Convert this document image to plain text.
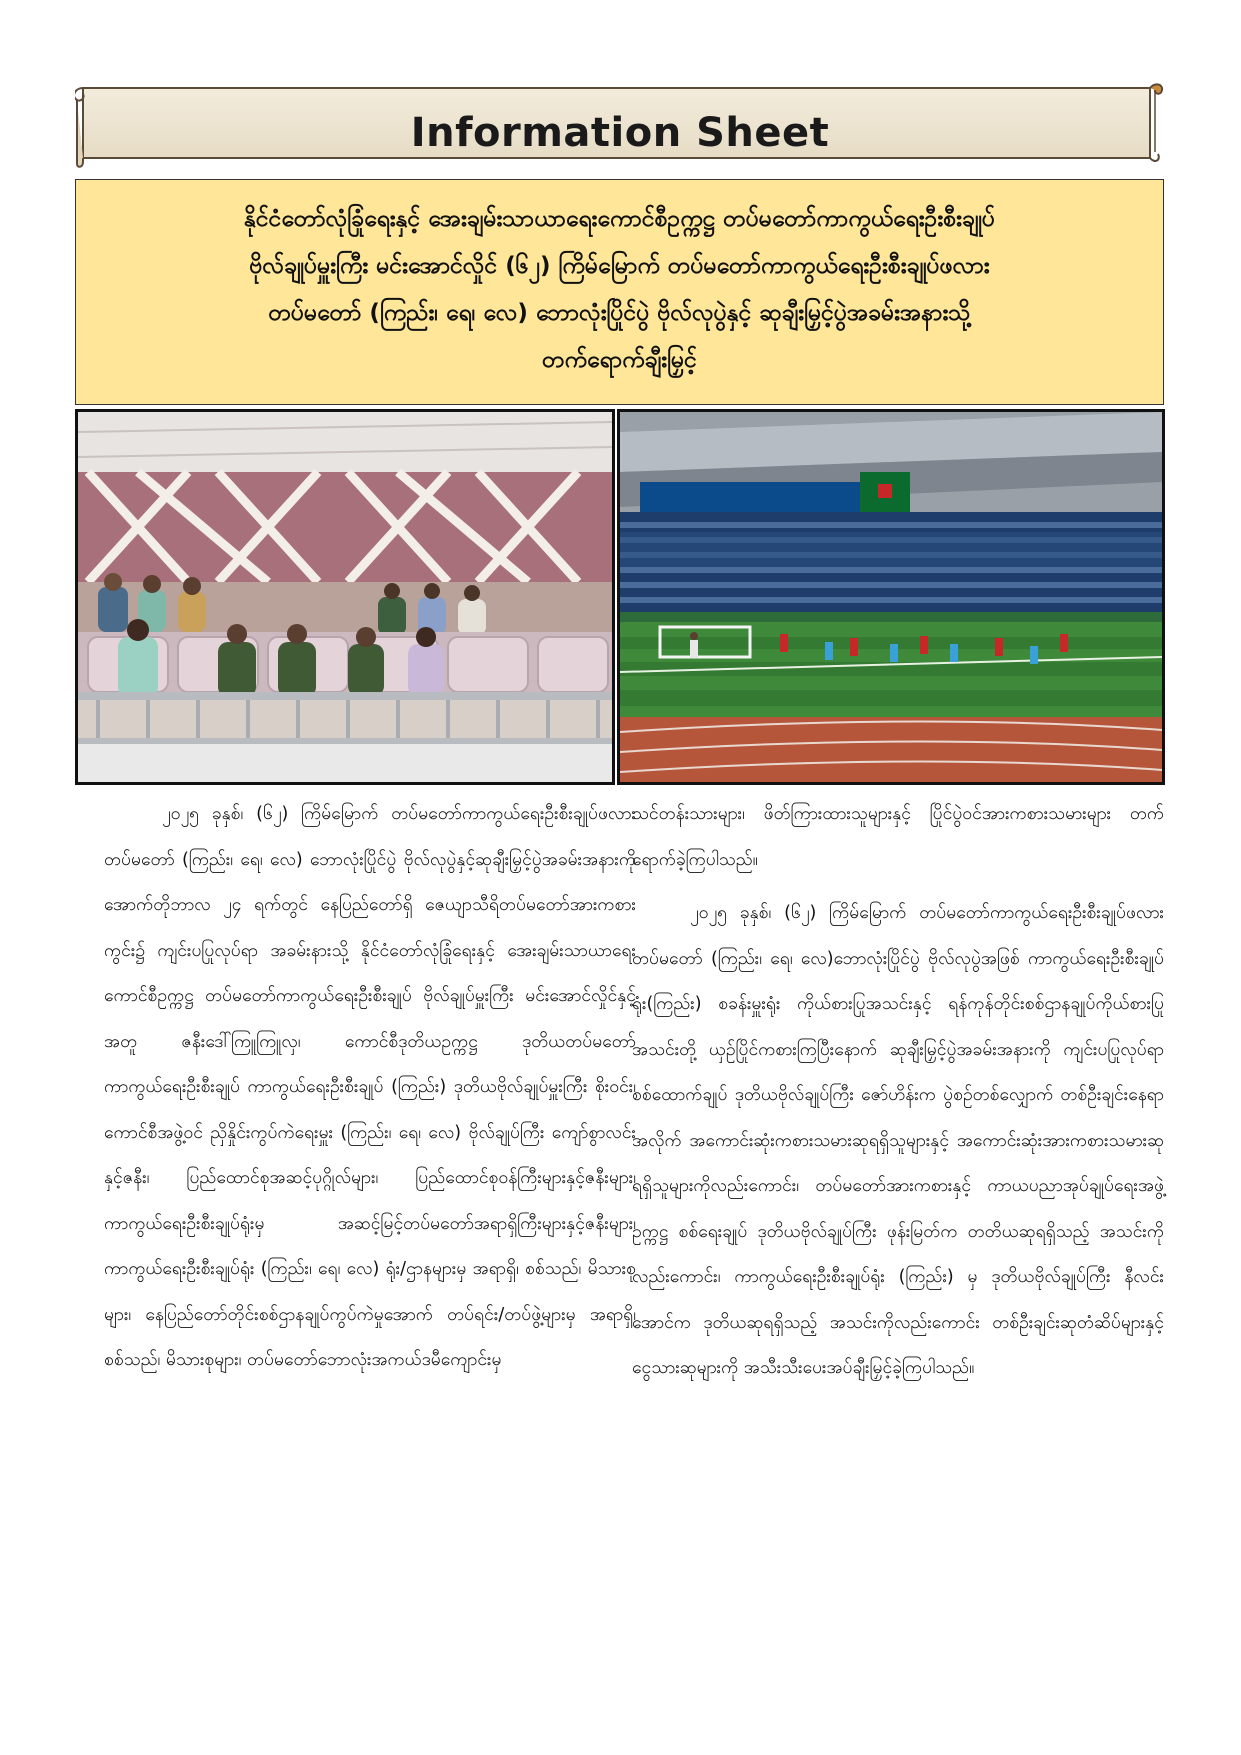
Information Sheet

နိုင်ငံတော်လုံခြုံရေးနှင့် အေးချမ်းသာယာရေးကောင်စီဥက္ကဋ္ဌ တပ်မတော်ကာကွယ်ရေးဦးစီးချုပ်

ဗိုလ်ချုပ်မှူးကြီး မင်းအောင်လှိုင် (၆၂) ကြိမ်မြောက် တပ်မတော်ကာကွယ်ရေးဦးစီးချုပ်ဖလား

တပ်မတော် (ကြည်း၊ ရေ၊ လေ) ဘောလုံးပြိုင်ပွဲ ဗိုလ်လုပွဲနှင့် ဆုချီးမြှင့်ပွဲအခမ်းအနားသို့

တက်ရောက်ချီးမြှင့်

၂၀၂၅ ခုနှစ်၊ (၆၂) ကြိမ်မြောက် တပ်မတော်ကာကွယ်ရေးဦးစီးချုပ်ဖလား တပ်မတော် (ကြည်း၊ ရေ၊ လေ) ဘောလုံးပြိုင်ပွဲ ဗိုလ်လုပွဲနှင့်ဆုချီးမြှင့်ပွဲအခမ်းအနားကို အောက်တိုဘာလ ၂၄ ရက်တွင် နေပြည်တော်ရှိ ဇေယျာသီရိတပ်မတော်အားကစားကွင်း၌ ကျင်းပပြုလုပ်ရာ အခမ်းနားသို့ နိုင်ငံတော်လုံခြုံရေးနှင့် အေးချမ်းသာယာရေးကောင်စီဥက္ကဋ္ဌ တပ်မတော်ကာကွယ်ရေးဦးစီးချုပ် ဗိုလ်ချုပ်မှူးကြီး မင်းအောင်လှိုင်နှင့် အတူ ဇနီးဒေါ်ကြူကြူလှ၊ ကောင်စီဒုတိယဥက္ကဋ္ဌ ဒုတိယတပ်မတော်ကာကွယ်ရေးဦးစီးချုပ် ကာကွယ်ရေးဦးစီးချုပ် (ကြည်း) ဒုတိယဗိုလ်ချုပ်မှူးကြီး စိုးဝင်း၊ ကောင်စီအဖွဲ့ဝင် ညှိနှိုင်းကွပ်ကဲရေးမှူး (ကြည်း၊ ရေ၊ လေ) ဗိုလ်ချုပ်ကြီး ကျော်စွာလင်းနှင့်ဇနီး၊ ပြည်ထောင်စုအဆင့်ပုဂ္ဂိုလ်များ၊ ပြည်ထောင်စုဝန်ကြီးများနှင့်ဇနီးများ၊ ကာကွယ်ရေးဦးစီးချုပ်ရုံးမှ အဆင့်မြင့်တပ်မတော်အရာရှိကြီးများနှင့်ဇနီးများ၊ ကာကွယ်ရေးဦးစီးချုပ်ရုံး (ကြည်း၊ ရေ၊ လေ) ရုံး/ဌာနများမှ အရာရှိ၊ စစ်သည်၊ မိသားစုများ၊ နေပြည်တော်တိုင်းစစ်ဌာနချုပ်ကွပ်ကဲမှုအောက် တပ်ရင်း/တပ်ဖွဲ့များမှ အရာရှိ၊ စစ်သည်၊ မိသားစုများ၊ တပ်မတော်ဘောလုံးအကယ်ဒမီကျောင်းမှ

သင်တန်းသားများ၊ ဖိတ်ကြားထားသူများနှင့် ပြိုင်ပွဲဝင်အားကစားသမားများ တက်ရောက်ခဲ့ကြပါသည်။

၂၀၂၅ ခုနှစ်၊ (၆၂) ကြိမ်မြောက် တပ်မတော်ကာကွယ်ရေးဦးစီးချုပ်ဖလား တပ်မတော် (ကြည်း၊ ရေ၊ လေ)ဘောလုံးပြိုင်ပွဲ ဗိုလ်လုပွဲအဖြစ် ကာကွယ်ရေးဦးစီးချုပ်ရုံး(ကြည်း) စခန်းမှူးရုံး ကိုယ်စားပြုအသင်းနှင့် ရန်ကုန်တိုင်းစစ်ဌာနချုပ်ကိုယ်စားပြုအသင်းတို့ ယှဉ်ပြိုင်ကစားကြပြီးနောက် ဆုချီးမြှင့်ပွဲအခမ်းအနားကို ကျင်းပပြုလုပ်ရာ စစ်ထောက်ချုပ် ဒုတိယဗိုလ်ချုပ်ကြီး ဇော်ဟိန်းက ပွဲစဉ်တစ်လျှောက် တစ်ဦးချင်းနေရာအလိုက် အကောင်းဆုံးကစားသမားဆုရရှိသူများနှင့် အကောင်းဆုံးအားကစားသမားဆုရရှိသူများကိုလည်းကောင်း၊ တပ်မတော်အားကစားနှင့် ကာယပညာအုပ်ချုပ်ရေးအဖွဲ့ဥက္ကဋ္ဌ စစ်ရေးချုပ် ဒုတိယဗိုလ်ချုပ်ကြီး ဖုန်းမြတ်က တတိယဆုရရှိသည့် အသင်းကိုလည်းကောင်း၊ ကာကွယ်ရေးဦးစီးချုပ်ရုံး (ကြည်း) မှ ဒုတိယဗိုလ်ချုပ်ကြီး နီလင်းအောင်က ဒုတိယဆုရရှိသည့် အသင်းကိုလည်းကောင်း တစ်ဦးချင်းဆုတံဆိပ်များနှင့် ငွေသားဆုများကို အသီးသီးပေးအပ်ချီးမြှင့်ခဲ့ကြပါသည်။
